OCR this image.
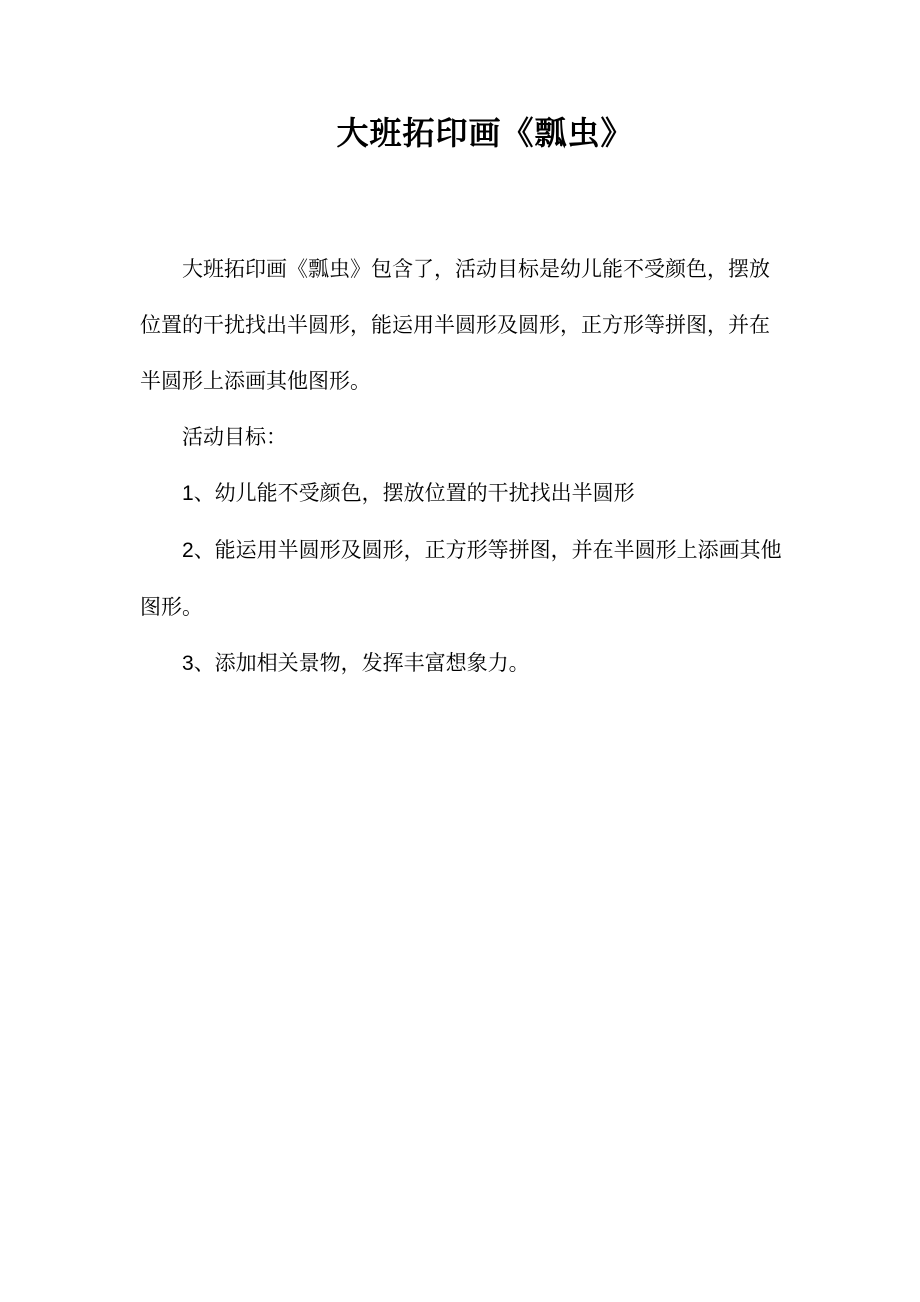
大班拓印画《瓢虫》

大班拓印画《瓢虫》包含了，活动目标是幼儿能不受颜色，摆放位置的干扰找出半圆形，能运用半圆形及圆形，正方形等拼图，并在半圆形上添画其他图形。

活动目标：

1、幼儿能不受颜色，摆放位置的干扰找出半圆形

2、能运用半圆形及圆形，正方形等拼图，并在半圆形上添画其他图形。

3、添加相关景物，发挥丰富想象力。
